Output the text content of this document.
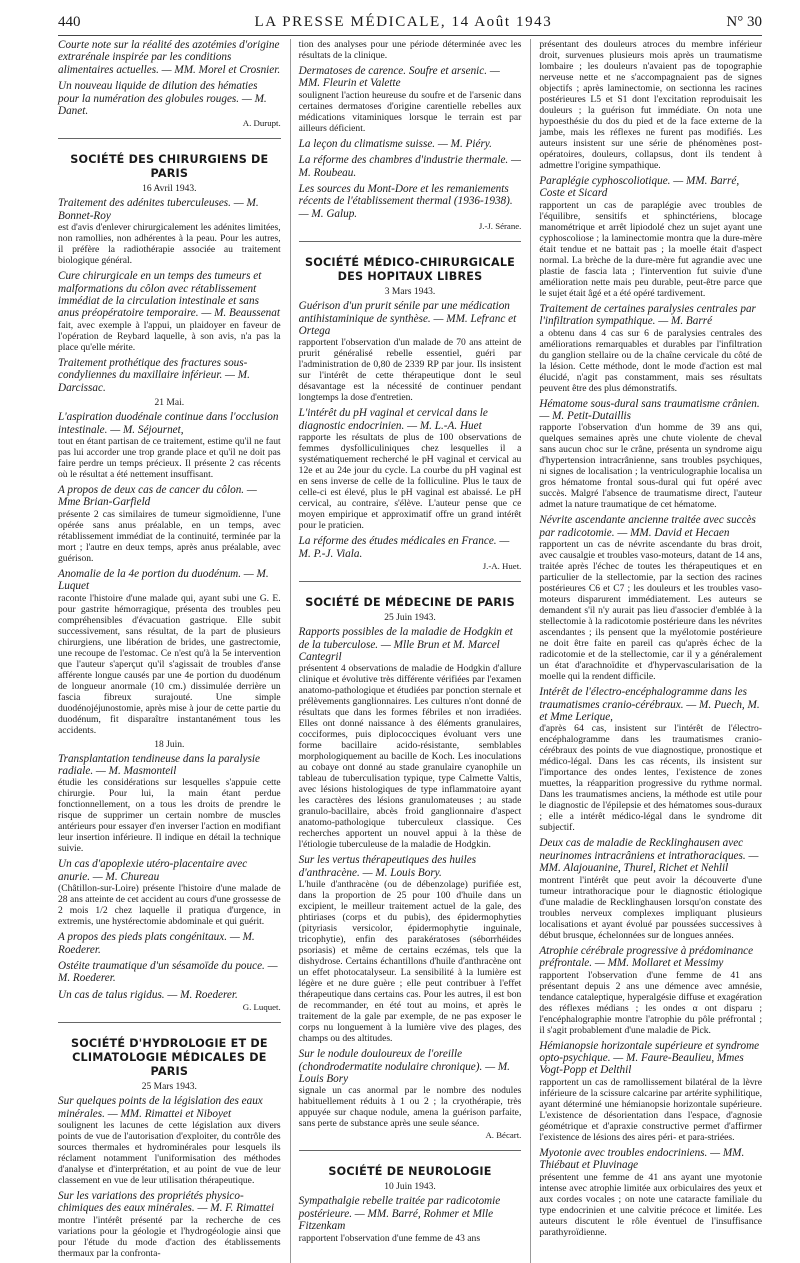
440	LA PRESSE MÉDICALE, 14 Août 1943	N° 30
Courte note sur la réalité des azotémies d'origine extrarénale inspirée par les conditions alimentaires actuelles. — MM. Morel et Crosnier.
Un nouveau liquide de dilution des hématies pour la numération des globules rouges. — M. Danet.
A. Durupt.
SOCIÉTÉ DES CHIRURGIENS DE PARIS
16 Avril 1943.
Traitement des adénites tuberculeuses. — M. Bonnet-Roy
est d'avis d'enlever chirurgicalement les adénites limitées, non ramollies, non adhérentes à la peau. Pour les autres, il préfère la radiothérapie associée au traitement biologique général.
Cure chirurgicale en un temps des tumeurs et malformations du côlon avec rétablissement immédiat de la circulation intestinale et sans anus préopératoire temporaire. — M. Beaussenat
fait, avec exemple à l'appui, un plaidoyer en faveur de l'opération de Reybard laquelle, à son avis, n'a pas la place qu'elle mérite.
Traitement prothétique des fractures sous-condyliennes du maxillaire inférieur. — M. Darcissac.
21 Mai.
L'aspiration duodénale continue dans l'occlusion intestinale. — M. Séjournet,
tout en étant partisan de ce traitement, estime qu'il ne faut pas lui accorder une trop grande place et qu'il ne doit pas faire perdre un temps précieux. Il présente 2 cas récents où le résultat a été nettement insuffisant.
A propos de deux cas de cancer du côlon. — Mme Brian-Garfield
présente 2 cas similaires de tumeur sigmoïdienne, l'une opérée sans anus préalable, en un temps, avec rétablissement immédiat de la continuité, terminée par la mort ; l'autre en deux temps, après anus préalable, avec guérison.
Anomalie de la 4e portion du duodénum. — M. Luquet
raconte l'histoire d'une malade qui, ayant subi une G. E. pour gastrite hémorragique, présenta des troubles peu compréhensibles d'évacuation gastrique. Elle subit successivement, sans résultat, de la part de plusieurs chirurgiens, une libération de brides, une gastrectomie, une recoupe de l'estomac. Ce n'est qu'à la 5e intervention que l'auteur s'aperçut qu'il s'agissait de troubles d'anse afférente longue causés par une 4e portion du duodénum de longueur anormale (10 cm.) dissimulée derrière un fascia fibreux surajouté. Une simple duodénojéjunostomie, après mise à jour de cette partie du duodénum, fit disparaître instantanément tous les accidents.
18 Juin.
Transplantation tendineuse dans la paralysie radiale. — M. Masmonteil
étudie les considérations sur lesquelles s'appuie cette chirurgie. Pour lui, la main étant perdue fonctionnellement, on a tous les droits de prendre le risque de supprimer un certain nombre de muscles antérieurs pour essayer d'en inverser l'action en modifiant leur insertion inférieure. Il indique en détail la technique suivie.
Un cas d'apoplexie utéro-placentaire avec anurie. — M. Chureau
(Châtillon-sur-Loire) présente l'histoire d'une malade de 28 ans atteinte de cet accident au cours d'une grossesse de 2 mois 1/2 chez laquelle il pratiqua d'urgence, in extremis, une hystérectomie abdominale et qui guérit.
A propos des pieds plats congénitaux. — M. Roederer.
Ostéite traumatique d'un sésamoïde du pouce. — M. Roederer.
Un cas de talus rigidus. — M. Roederer.
G. Luquet.
SOCIÉTÉ D'HYDROLOGIE ET DE CLIMATOLOGIE MÉDICALES DE PARIS
25 Mars 1943.
Sur quelques points de la législation des eaux minérales. — MM. Rimattei et Niboyet
soulignent les lacunes de cette législation aux divers points de vue de l'autorisation d'exploiter, du contrôle des sources thermales et hydrominérales pour lesquels ils réclament notamment l'uniformisation des méthodes d'analyse et d'interprétation, et au point de vue de leur classement en vue de leur utilisation thérapeutique.
Sur les variations des propriétés physico-chimiques des eaux minérales. — M. F. Rimattei
montre l'intérêt présenté par la recherche de ces variations pour la géologie et l'hydrogéologie ainsi que pour l'étude du mode d'action des établissements thermaux par la confronta-
tion des analyses pour une période déterminée avec les résultats de la clinique.
Dermatoses de carence. Soufre et arsenic. — MM. Fleurin et Valette
soulignent l'action heureuse du soufre et de l'arsenic dans certaines dermatoses d'origine carentielle rebelles aux médications vitaminiques lorsque le terrain est par ailleurs déficient.
La leçon du climatisme suisse. — M. Piéry.
La réforme des chambres d'industrie thermale. — M. Roubeau.
Les sources du Mont-Dore et les remaniements récents de l'établissement thermal (1936-1938). — M. Galup.
J.-J. Sérane.
SOCIÉTÉ MÉDICO-CHIRURGICALE DES HOPITAUX LIBRES
3 Mars 1943.
Guérison d'un prurit sénile par une médication antihistaminique de synthèse. — MM. Lefranc et Ortega
rapportent l'observation d'un malade de 70 ans atteint de prurit généralisé rebelle essentiel, guéri par l'administration de 0,80 de 2339 RP par jour. Ils insistent sur l'intérêt de cette thérapeutique dont le seul désavantage est la nécessité de continuer pendant longtemps la dose d'entretien.
L'intérêt du pH vaginal et cervical dans le diagnostic endocrinien. — M. L.-A. Huet
rapporte les résultats de plus de 100 observations de femmes dysfolliculiniques chez lesquelles il a systématiquement recherché le pH vaginal et cervical au 12e et au 24e jour du cycle. La courbe du pH vaginal est en sens inverse de celle de la folliculine. Plus le taux de celle-ci est élevé, plus le pH vaginal est abaissé. Le pH cervical, au contraire, s'élève. L'auteur pense que ce moyen empirique et approximatif offre un grand intérêt pour le praticien.
La réforme des études médicales en France. — M. P.-J. Viala.
J.-A. Huet.
SOCIÉTÉ DE MÉDECINE DE PARIS
25 Juin 1943.
Rapports possibles de la maladie de Hodgkin et de la tuberculose. — Mlle Brun et M. Marcel Cantegril
présentent 4 observations de maladie de Hodgkin d'allure clinique et évolutive très différente vérifiées par l'examen anatomo-pathologique et étudiées par ponction sternale et prélèvements ganglionnaires. Les cultures n'ont donné de résultats que dans les formes fébriles et non irradiées. Elles ont donné naissance à des éléments granulaires, cocciformes, puis diplococciques évoluant vers une forme bacillaire acido-résistante, semblables morphologiquement au bacille de Koch. Les inoculations au cobaye ont donné au stade granulaire cyanophile un tableau de tuberculisation typique, type Calmette Valtis, avec lésions histologiques de type inflammatoire ayant les caractères des lésions granulomateuses ; au stade granulo-bacillaire, abcès froid ganglionnaire d'aspect anatomo-pathologique tuberculeux classique. Ces recherches apportent un nouvel appui à la thèse de l'étiologie tuberculeuse de la maladie de Hodgkin.
Sur les vertus thérapeutiques des huiles d'anthracène. — M. Louis Bory.
L'huile d'anthracène (ou de débenzolage) purifiée est, dans la proportion de 25 pour 100 d'huile dans un excipient, le meilleur traitement actuel de la gale, des phtiriases (corps et du pubis), des épidermophyties (pityriasis versicolor, épidermophytie inguinale, tricophytie), enfin des parakératoses (séborrhéides psoriasis) et même de certains eczémas, tels que la dishydrose. Certains échantillons d'huile d'anthracène ont un effet photocatalyseur. La sensibilité à la lumière est légère et ne dure guère ; elle peut contribuer à l'effet thérapeutique dans certains cas. Pour les autres, il est bon de recommander, en été tout au moins, et après le traitement de la gale par exemple, de ne pas exposer le corps nu longuement à la lumière vive des plages, des champs ou des altitudes.
Sur le nodule douloureux de l'oreille (chondrodermatite nodulaire chronique). — M. Louis Bory
signale un cas anormal par le nombre des nodules habituellement réduits à 1 ou 2 ; la cryothérapie, très appuyée sur chaque nodule, amena la guérison parfaite, sans perte de substance après une seule séance.
A. Bécart.
SOCIÉTÉ DE NEUROLOGIE
10 Juin 1943.
Sympathalgie rebelle traitée par radicotomie postérieure. — MM. Barré, Rohmer et Mlle Fitzenkam
rapportent l'observation d'une femme de 43 ans
présentant des douleurs atroces du membre inférieur droit, survenues plusieurs mois après un traumatisme lombaire ; les douleurs n'avaient pas de topographie nerveuse nette et ne s'accompagnaient pas de signes objectifs ; après laminectomie, on sectionna les racines postérieures L5 et S1 dont l'excitation reproduisait les douleurs ; la guérison fut immédiate. On nota une hypoesthésie du dos du pied et de la face externe de la jambe, mais les réflexes ne furent pas modifiés. Les auteurs insistent sur une série de phénomènes post-opératoires, douleurs, collapsus, dont ils tendent à admettre l'origine sympathique.
Paraplégie cyphoscoliotique. — MM. Barré, Coste et Sicard
rapportent un cas de paraplégie avec troubles de l'équilibre, sensitifs et sphinctériens, blocage manométrique et arrêt lipiodolé chez un sujet ayant une cyphoscoliose ; la laminectomie montra que la dure-mère était tendue et ne battait pas ; la moelle était d'aspect normal. La brèche de la dure-mère fut agrandie avec une plastie de fascia lata ; l'intervention fut suivie d'une amélioration nette mais peu durable, peut-être parce que le sujet était âgé et a été opéré tardivement.
Traitement de certaines paralysies centrales par l'infiltration sympathique. — M. Barré
a obtenu dans 4 cas sur 6 de paralysies centrales des améliorations remarquables et durables par l'infiltration du ganglion stellaire ou de la chaîne cervicale du côté de la lésion. Cette méthode, dont le mode d'action est mal élucidé, n'agit pas constamment, mais ses résultats peuvent être des plus démonstratifs.
Hématome sous-dural sans traumatisme crânien. — M. Petit-Dutaillis
rapporte l'observation d'un homme de 39 ans qui, quelques semaines après une chute violente de cheval sans aucun choc sur le crâne, présenta un syndrome aigu d'hypertension intracrânienne, sans troubles psychiques, ni signes de localisation ; la ventriculographie localisa un gros hématome frontal sous-dural qui fut opéré avec succès. Malgré l'absence de traumatisme direct, l'auteur admet la nature traumatique de cet hématome.
Névrite ascendante ancienne traitée avec succès par radicotomie. — MM. David et Hecaen
rapportent un cas de névrite ascendante du bras droit, avec causalgie et troubles vaso-moteurs, datant de 14 ans, traitée après l'échec de toutes les thérapeutiques et en particulier de la stellectomie, par la section des racines postérieures C6 et C7 ; les douleurs et les troubles vaso-moteurs disparurent immédiatement. Les auteurs se demandent s'il n'y aurait pas lieu d'associer d'emblée à la stellectomie à la radicotomie postérieure dans les névrites ascendantes ; ils pensent que la myélotomie postérieure ne doit être faite en pareil cas qu'après échec de la radicotomie et de la stellectomie, car il y a généralement un état d'arachnoïdite et d'hypervascularisation de la moelle qui la rendent difficile.
Intérêt de l'électro-encéphalogramme dans les traumatismes cranio-cérébraux. — M. Puech, M. et Mme Lerique,
d'après 64 cas, insistent sur l'intérêt de l'électro-encéphalogramme dans les traumatismes cranio-cérébraux des points de vue diagnostique, pronostique et médico-légal. Dans les cas récents, ils insistent sur l'importance des ondes lentes, l'existence de zones muettes, la réapparition progressive du rythme normal. Dans les traumatismes anciens, la méthode est utile pour le diagnostic de l'épilepsie et des hématomes sous-duraux ; elle a intérêt médico-légal dans le syndrome dit subjectif.
Deux cas de maladie de Recklinghausen avec neurinomes intracrâniens et intrathoraciques. — MM. Alajouanine, Thurel, Richet et Nehlil
montrent l'intérêt que peut avoir la découverte d'une tumeur intrathoracique pour le diagnostic étiologique d'une maladie de Recklinghausen lorsqu'on constate des troubles nerveux complexes impliquant plusieurs localisations et ayant évolué par poussées successives à début brusque, échelonnées sur de longues années.
Atrophie cérébrale progressive à prédominance préfrontale. — MM. Mollaret et Messimy
rapportent l'observation d'une femme de 41 ans présentant depuis 2 ans une démence avec amnésie, tendance cataleptique, hyperalgésie diffuse et exagération des réflexes médians ; les ondes α ont disparu ; l'encéphalographie montre l'atrophie du pôle préfrontal ; il s'agit probablement d'une maladie de Pick.
Hémianopsie horizontale supérieure et syndrome opto-psychique. — M. Faure-Beaulieu, Mmes Vogt-Popp et Delthil
rapportent un cas de ramollissement bilatéral de la lèvre inférieure de la scissure calcarine par artérite syphilitique, ayant déterminé une hémianopsie horizontale supérieure. L'existence de désorientation dans l'espace, d'agnosie géométrique et d'apraxie constructive permet d'affirmer l'existence de lésions des aires péri- et para-striées.
Myotonie avec troubles endocriniens. — MM. Thiébaut et Pluvinage
présentent une femme de 41 ans ayant une myotonie intense avec atrophie limitée aux orbiculaires des yeux et aux cordes vocales ; on note une cataracte familiale du type endocrinien et une calvitie précoce et limitée. Les auteurs discutent le rôle éventuel de l'insuffisance parathyroïdienne.
